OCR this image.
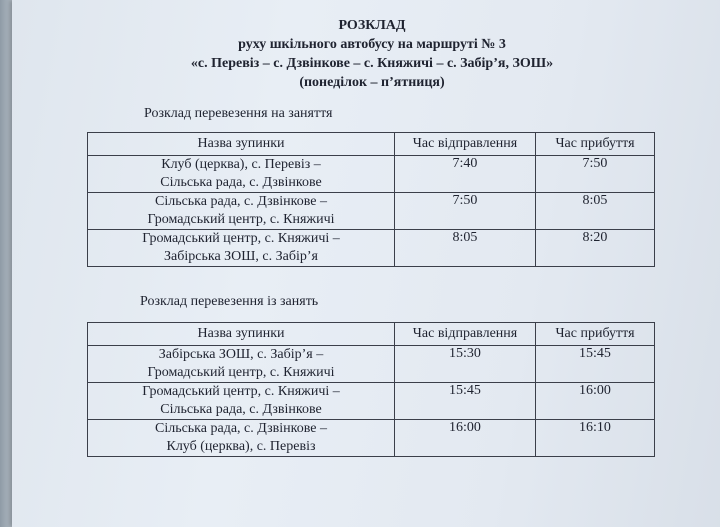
РОЗКЛАД
руху шкільного автобусу на маршруті № 3
«с. Перевіз – с. Дзвінкове – с. Княжичі – с. Забір’я, ЗОШ»
(понеділок – п’ятниця)
Розклад перевезення на заняття
Назва зупинки	Час відправлення	Час прибуття

Клуб (церква), с. Перевіз –
Сільська рада, с. Дзвінкове	7:40	7:50

Сільська рада, с. Дзвінкове –
Громадський центр, с. Княжичі	7:50	8:05

Громадський центр, с. Княжичі –
Забірська ЗОШ, с. Забір’я	8:05	8:20
Розклад перевезення із занять
Назва зупинки	Час відправлення	Час прибуття

Забірська ЗОШ, с. Забір’я –
Громадський центр, с. Княжичі	15:30	15:45

Громадський центр, с. Княжичі –
Сільська рада, с. Дзвінкове	15:45	16:00

Сільська рада, с. Дзвінкове –
Клуб (церква), с. Перевіз	16:00	16:10
